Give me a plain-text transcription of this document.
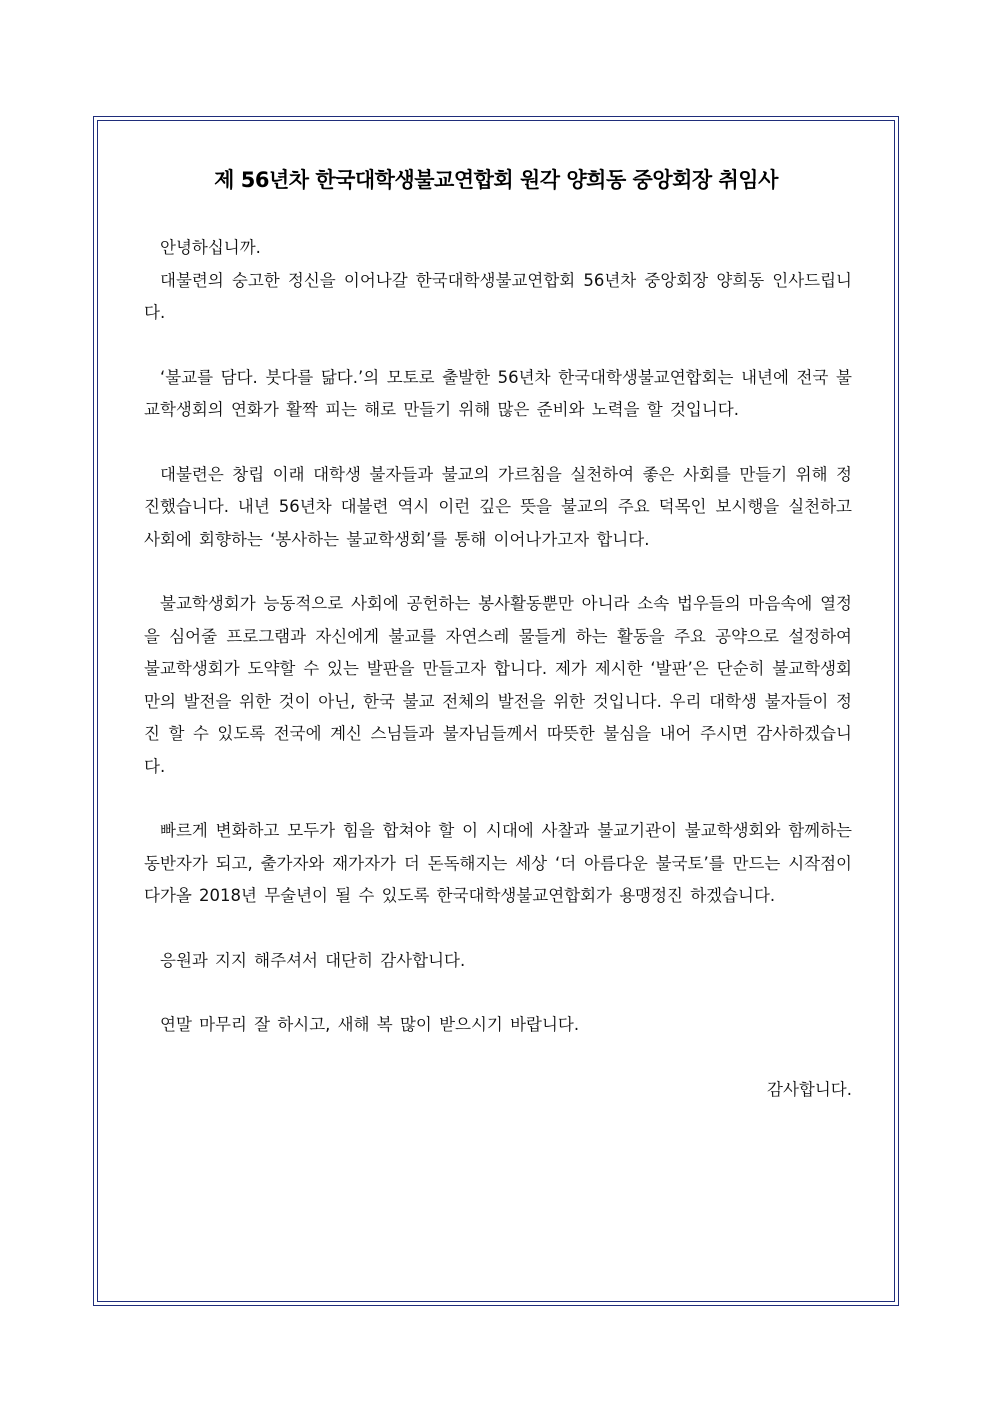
제 56년차 한국대학생불교연합회 원각 양희동 중앙회장 취임사

안녕하십니까.

대불련의 숭고한 정신을 이어나갈 한국대학생불교연합회 56년차 중앙회장 양희동 인사드립니다.

‘불교를 담다. 붓다를 닮다.’의 모토로 출발한 56년차 한국대학생불교연합회는 내년에 전국 불교학생회의 연화가 활짝 피는 해로 만들기 위해 많은 준비와 노력을 할 것입니다.

대불련은 창립 이래 대학생 불자들과 불교의 가르침을 실천하여 좋은 사회를 만들기 위해 정진했습니다. 내년 56년차 대불련 역시 이런 깊은 뜻을 불교의 주요 덕목인 보시행을 실천하고 사회에 회향하는 ‘봉사하는 불교학생회’를 통해 이어나가고자 합니다.

불교학생회가 능동적으로 사회에 공헌하는 봉사활동뿐만 아니라 소속 법우들의 마음속에 열정을 심어줄 프로그램과 자신에게 불교를 자연스레 물들게 하는 활동을 주요 공약으로 설정하여 불교학생회가 도약할 수 있는 발판을 만들고자 합니다. 제가 제시한 ‘발판’은 단순히 불교학생회만의 발전을 위한 것이 아닌, 한국 불교 전체의 발전을 위한 것입니다. 우리 대학생 불자들이 정진 할 수 있도록 전국에 계신 스님들과 불자님들께서 따뜻한 불심을 내어 주시면 감사하겠습니다.

빠르게 변화하고 모두가 힘을 합쳐야 할 이 시대에 사찰과 불교기관이 불교학생회와 함께하는 동반자가 되고, 출가자와 재가자가 더 돈독해지는 세상 ‘더 아름다운 불국토’를 만드는 시작점이 다가올 2018년 무술년이 될 수 있도록 한국대학생불교연합회가 용맹정진 하겠습니다.

응원과 지지 해주셔서 대단히 감사합니다.

연말 마무리 잘 하시고, 새해 복 많이 받으시기 바랍니다.

감사합니다.
